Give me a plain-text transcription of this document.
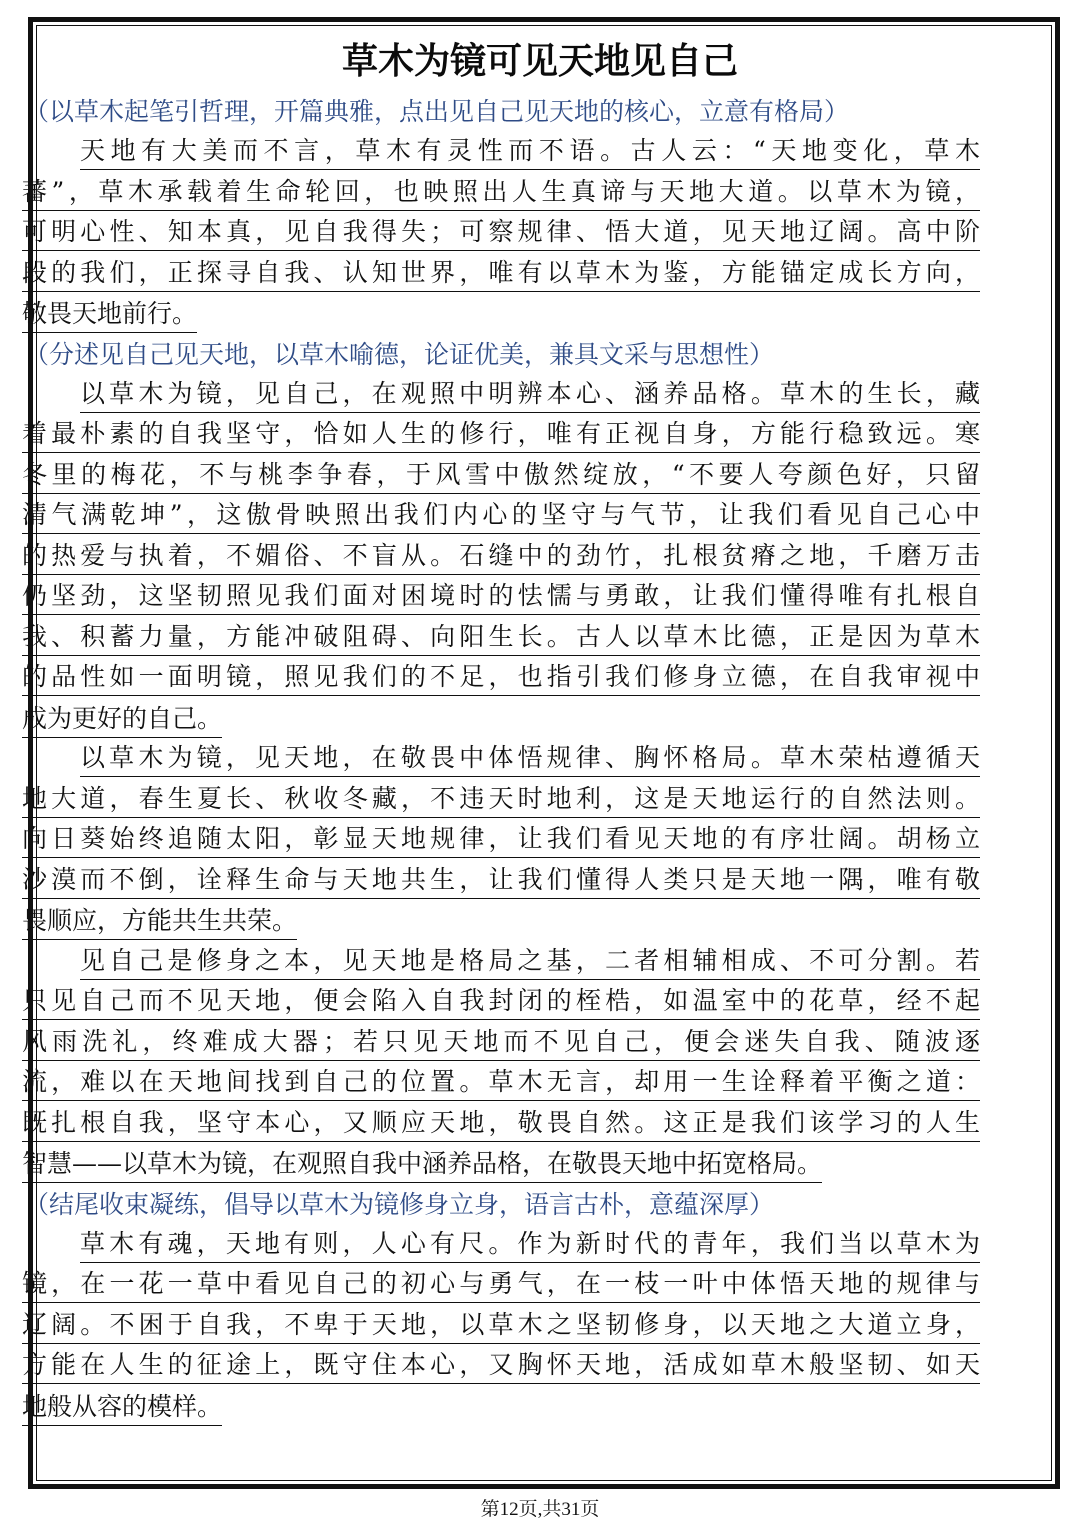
草木为镜可见天地见自己
（以草木起笔引哲理，开篇典雅，点出见自己见天地的核心，立意有格局）
天地有大美而不言，草木有灵性而不语。古人云：“天地变化，草木
蕃”，草木承载着生命轮回，也映照出人生真谛与天地大道。以草木为镜，
可明心性、知本真，见自我得失；可察规律、悟大道，见天地辽阔。高中阶
段的我们，正探寻自我、认知世界，唯有以草木为鉴，方能锚定成长方向，
敬畏天地前行。
（分述见自己见天地，以草木喻德，论证优美，兼具文采与思想性）
以草木为镜，见自己，在观照中明辨本心、涵养品格。草木的生长，藏
着最朴素的自我坚守，恰如人生的修行，唯有正视自身，方能行稳致远。寒
冬里的梅花，不与桃李争春，于风雪中傲然绽放，“不要人夸颜色好，只留
清气满乾坤”，这傲骨映照出我们内心的坚守与气节，让我们看见自己心中
的热爱与执着，不媚俗、不盲从。石缝中的劲竹，扎根贫瘠之地，千磨万击
仍坚劲，这坚韧照见我们面对困境时的怯懦与勇敢，让我们懂得唯有扎根自
我、积蓄力量，方能冲破阻碍、向阳生长。古人以草木比德，正是因为草木
的品性如一面明镜，照见我们的不足，也指引我们修身立德，在自我审视中
成为更好的自己。
以草木为镜，见天地，在敬畏中体悟规律、胸怀格局。草木荣枯遵循天
地大道，春生夏长、秋收冬藏，不违天时地利，这是天地运行的自然法则。
向日葵始终追随太阳，彰显天地规律，让我们看见天地的有序壮阔。胡杨立
沙漠而不倒，诠释生命与天地共生，让我们懂得人类只是天地一隅，唯有敬
畏顺应，方能共生共荣。
见自己是修身之本，见天地是格局之基，二者相辅相成、不可分割。若
只见自己而不见天地，便会陷入自我封闭的桎梏，如温室中的花草，经不起
风雨洗礼，终难成大器；若只见天地而不见自己，便会迷失自我、随波逐
流，难以在天地间找到自己的位置。草木无言，却用一生诠释着平衡之道：
既扎根自我，坚守本心，又顺应天地，敬畏自然。这正是我们该学习的人生
智慧——以草木为镜，在观照自我中涵养品格，在敬畏天地中拓宽格局。
（结尾收束凝练，倡导以草木为镜修身立身，语言古朴，意蕴深厚）
草木有魂，天地有则，人心有尺。作为新时代的青年，我们当以草木为
镜，在一花一草中看见自己的初心与勇气，在一枝一叶中体悟天地的规律与
辽阔。不困于自我，不卑于天地，以草木之坚韧修身，以天地之大道立身，
方能在人生的征途上，既守住本心，又胸怀天地，活成如草木般坚韧、如天
地般从容的模样。
第12页,共31页
